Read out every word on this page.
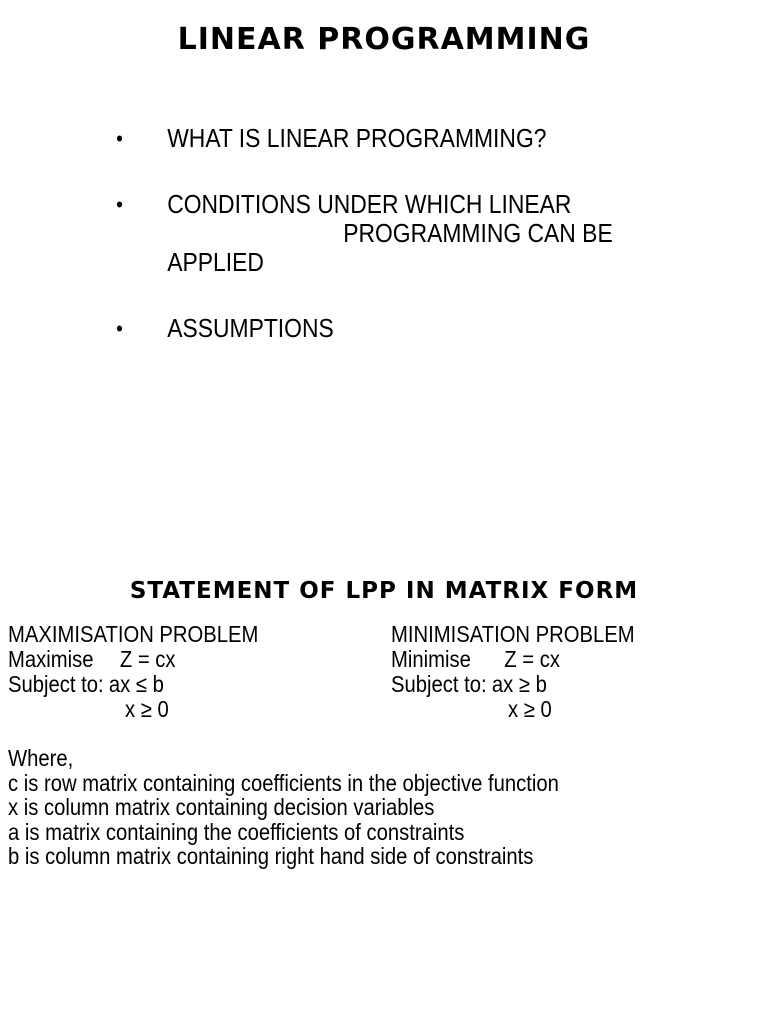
LINEAR PROGRAMMING
• WHAT IS LINEAR PROGRAMMING?
• CONDITIONS UNDER WHICH LINEAR
PROGRAMMING CAN BE
APPLIED
• ASSUMPTIONS
STATEMENT OF LPP IN MATRIX FORM
MAXIMISATION PROBLEM
Maximise Z = cx
Subject to: ax ≤ b
x ≥ 0
MINIMISATION PROBLEM
Minimise Z = cx
Subject to: ax ≥ b
x ≥ 0
Where,
c is row matrix containing coefficients in the objective function
x is column matrix containing decision variables
a is matrix containing the coefficients of constraints
b is column matrix containing right hand side of constraints
